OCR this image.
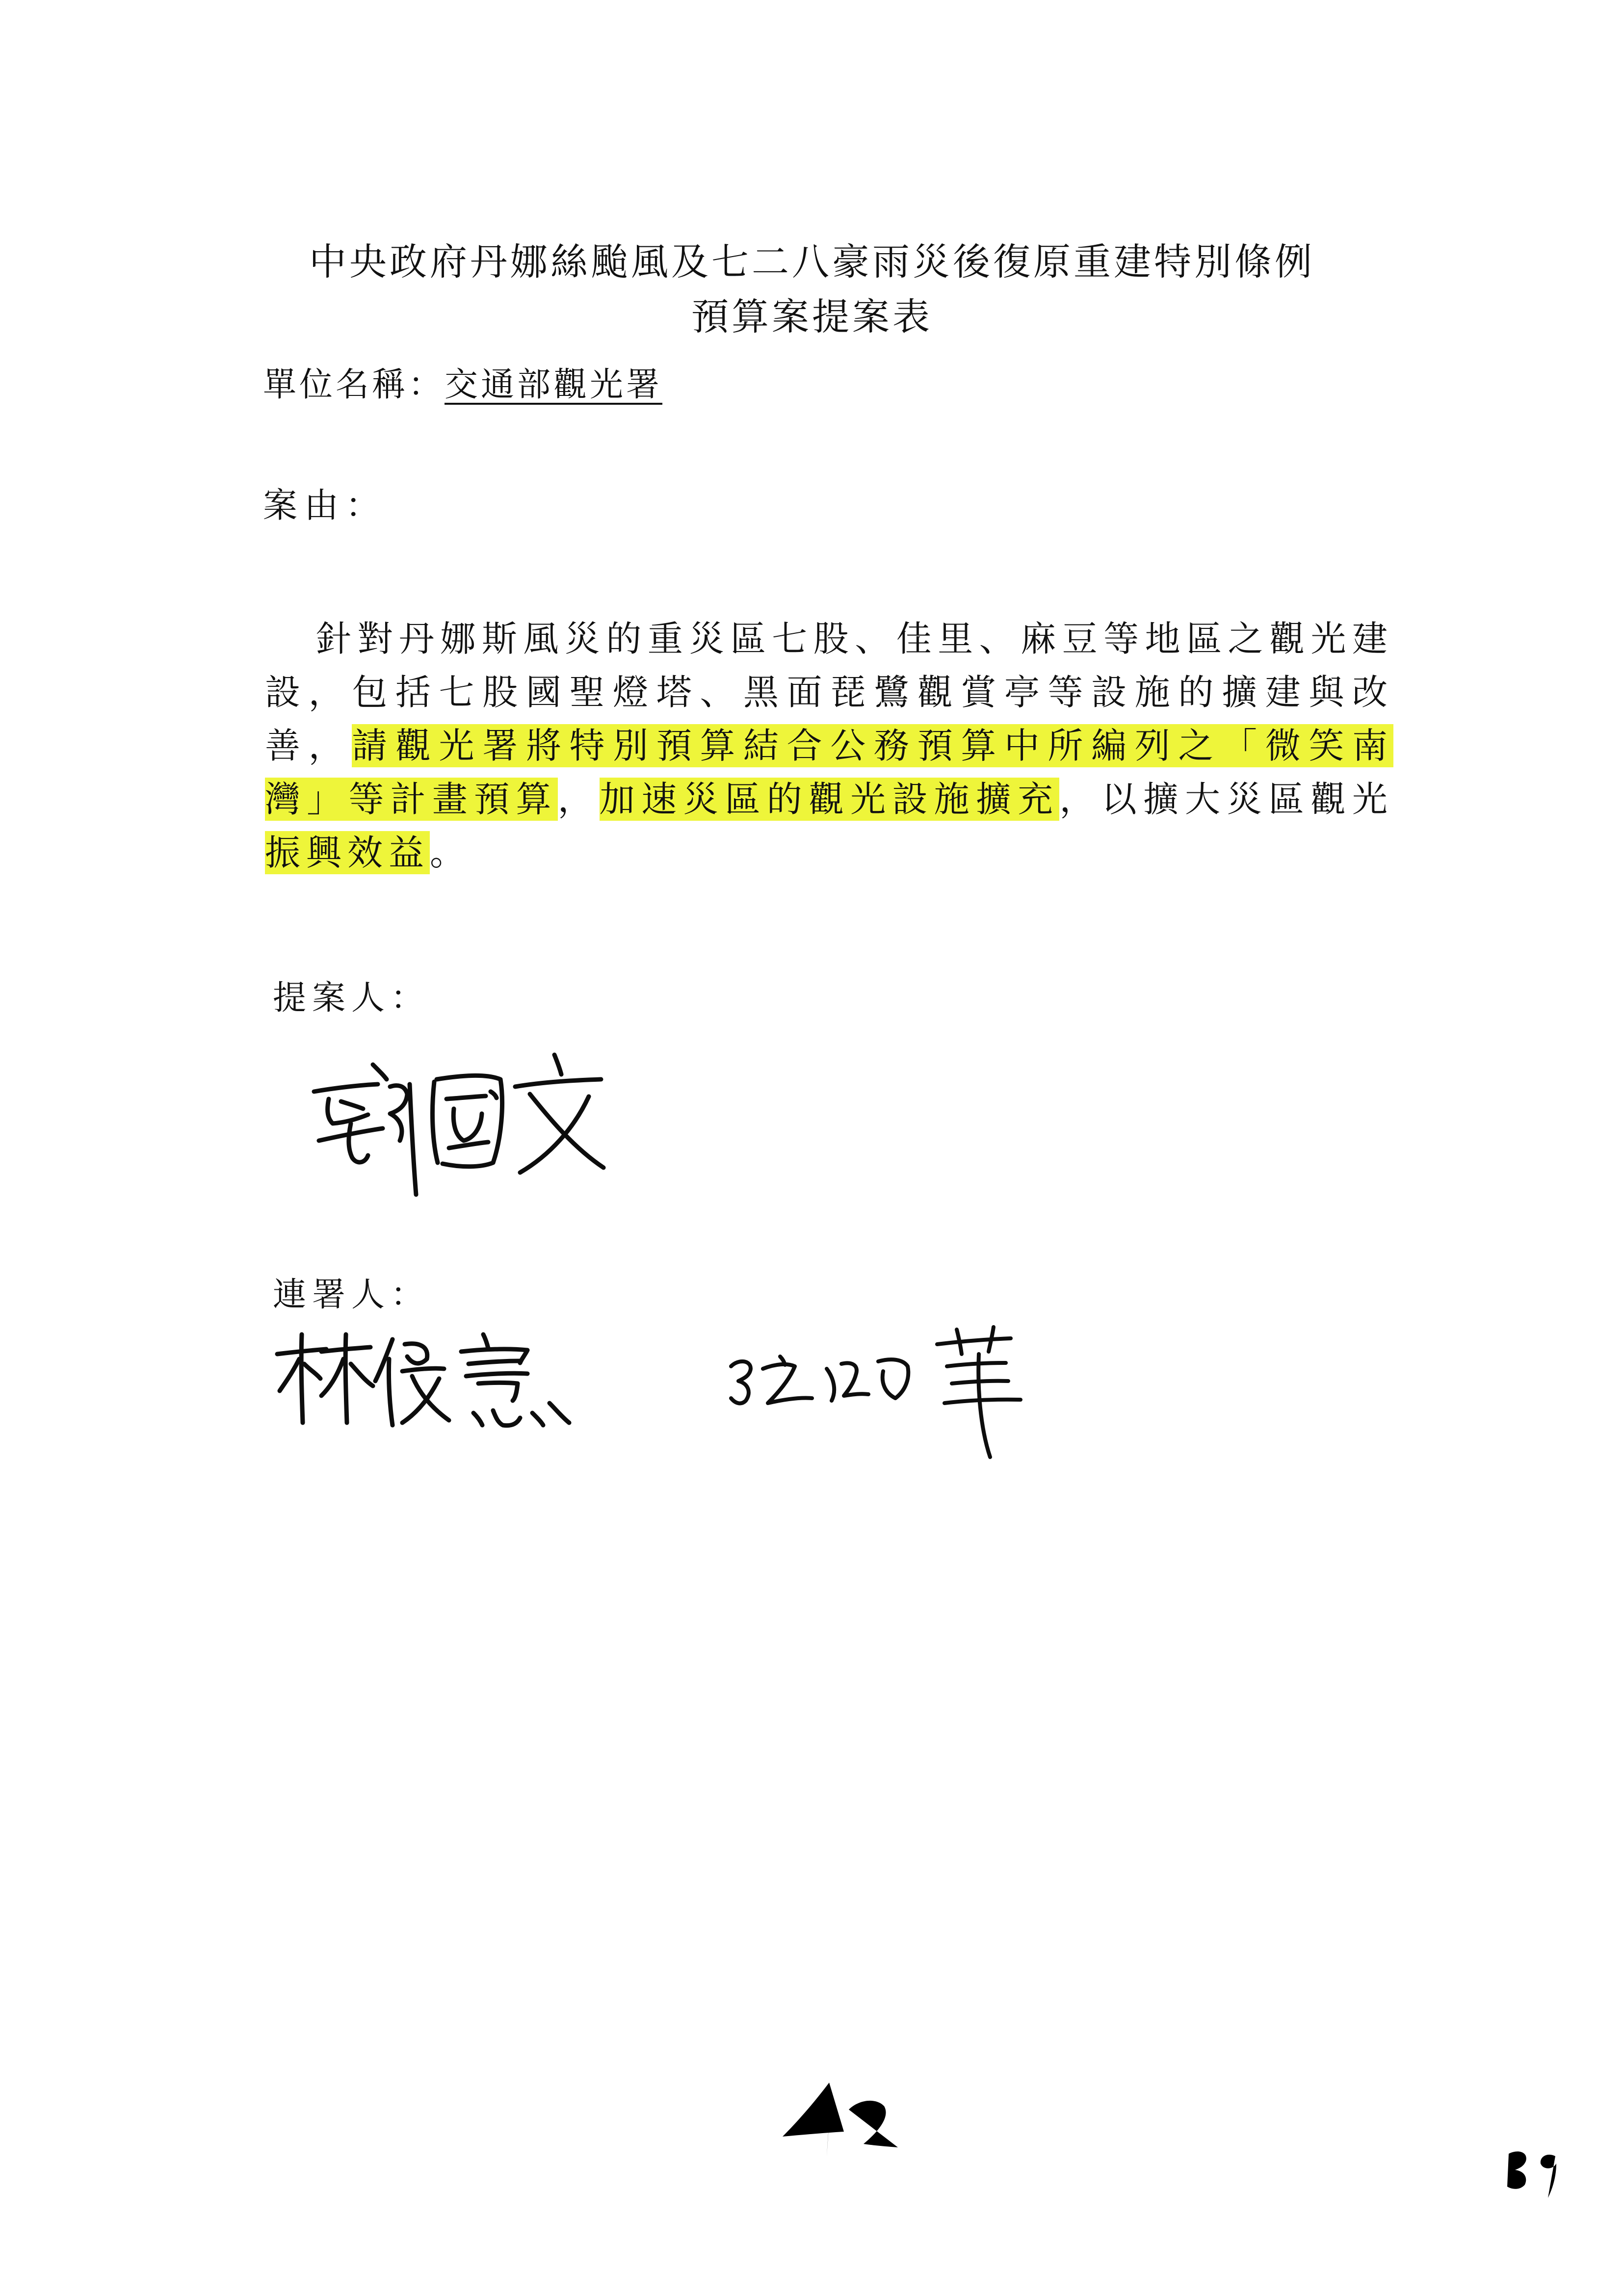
中央政府丹娜絲颱風及七二八豪雨災後復原重建特別條例
預算案提案表
單位名稱：交通部觀光署
案由：

針對丹娜斯風災的重災區七股、佳里、麻豆等地區之觀光建設，包括七股國聖燈塔、黑面琵鷺觀賞亭等設施的擴建與改善，請觀光署將特別預算結合公務預算中所編列之「微笑南灣」等計畫預算，加速災區的觀光設施擴充，以擴大災區觀光振興效益。

提案人：
連署人：
